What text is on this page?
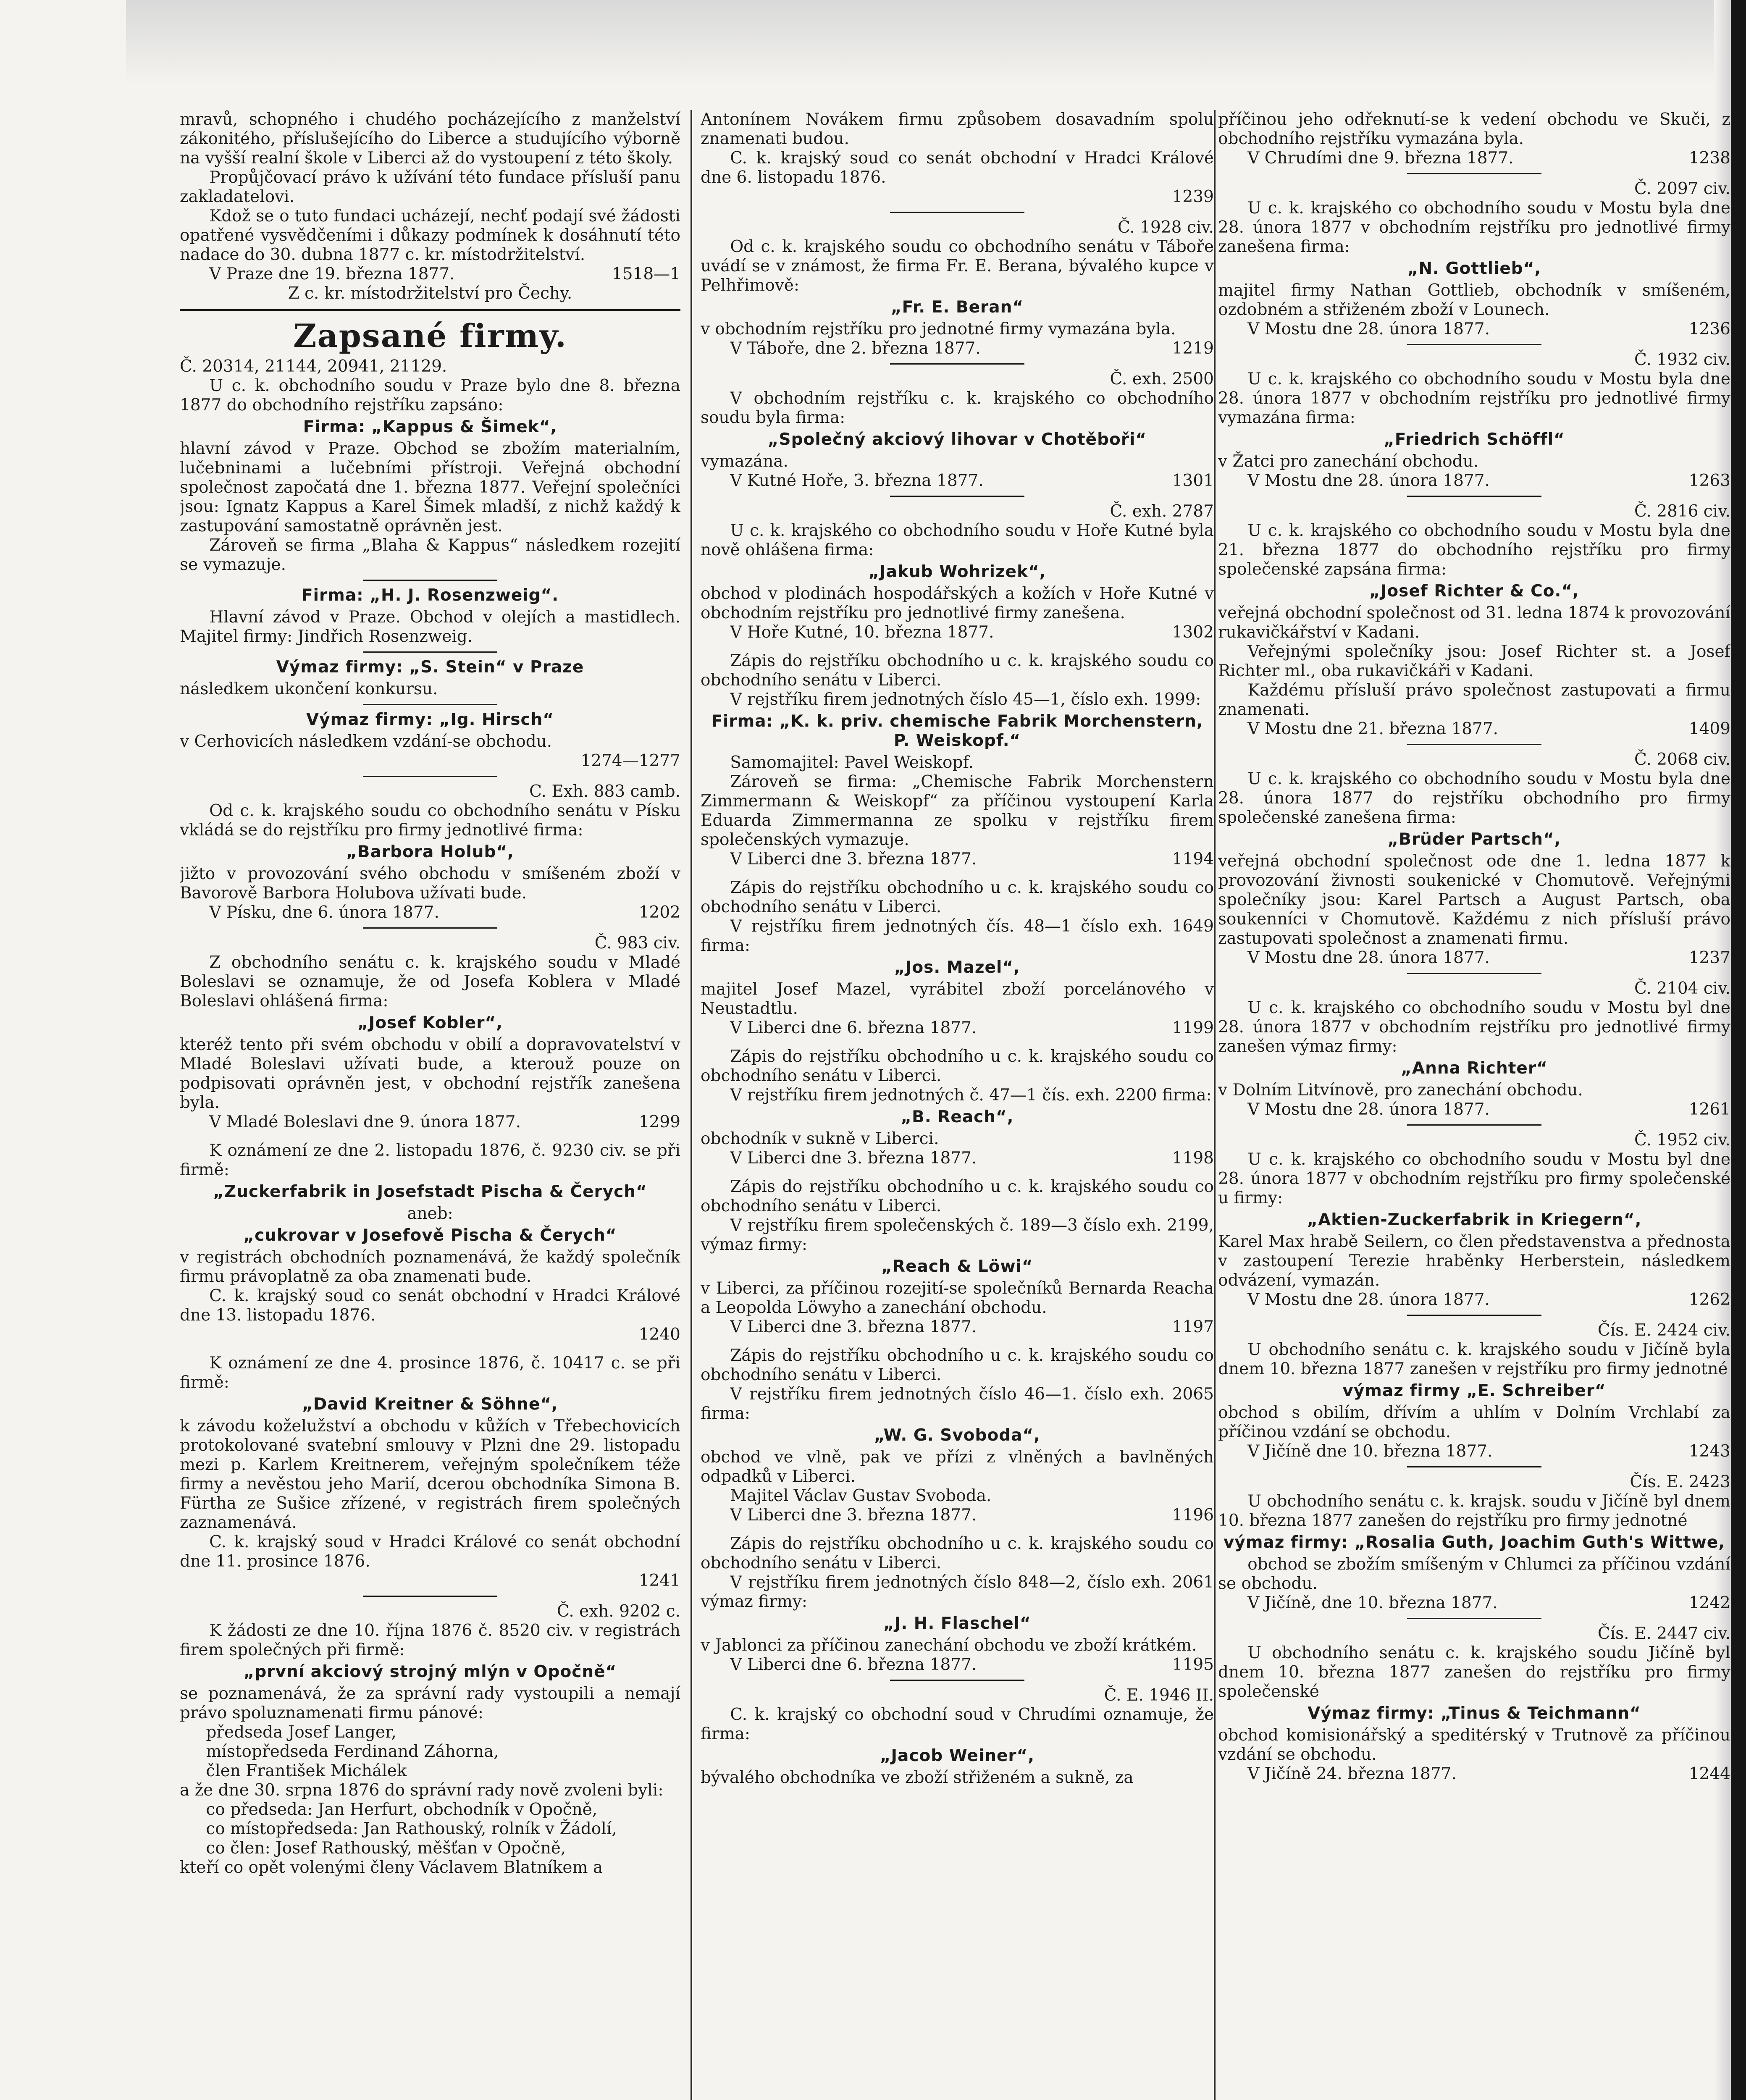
mravů, schopného i chudého pocházejícího z manželství zákonitého, příslušejícího do Liberce a studujícího výborně na vyšší realní škole v Liberci až do vystoupení z této školy.

Propůjčovací právo k užívání této fundace přísluší panu zakladatelovi.

Kdož se o tuto fundaci ucházejí, nechť podají své žádosti opatřené vysvědčeními i důkazy podmínek k dosáhnutí této nadace do 30. dubna 1877 c. kr. místodržitelství.

V Praze dne 19. března 1877.	1518—1

Z c. kr. místodržitelství pro Čechy.

Zapsané firmy.

Č. 20314, 21144, 20941, 21129.

U c. k. obchodního soudu v Praze bylo dne 8. března 1877 do obchodního rejstříku zapsáno:

Firma: „Kappus & Šimek“,

hlavní závod v Praze. Obchod se zbožím materialním, lučebninami a lučebními přístroji. Veřejná obchodní společnost započatá dne 1. března 1877. Veřejní společníci jsou: Ignatz Kappus a Karel Šimek mladší, z nichž každý k zastupování samostatně oprávněn jest.

Zároveň se firma „Blaha & Kappus“ následkem rozejití se vymazuje.

Firma: „H. J. Rosenzweig“.

Hlavní závod v Praze. Obchod v olejích a mastidlech. Majitel firmy: Jindřich Rosenzweig.

Výmaz firmy: „S. Stein“ v Praze

následkem ukončení konkursu.

Výmaz firmy: „Ig. Hirsch“

v Cerhovicích následkem vzdání-se obchodu.

1274—1277

C. Exh. 883 camb.

Od c. k. krajského soudu co obchodního senátu v Písku vkládá se do rejstříku pro firmy jednotlivé firma:

„Barbora Holub“,

jižto v provozování svého obchodu v smíšeném zboží v Bavorově Barbora Holubova užívati bude.

V Písku, dne 6. února 1877.	1202

Č. 983 civ.

Z obchodního senátu c. k. krajského soudu v Mladé Boleslavi se oznamuje, že od Josefa Koblera v Mladé Boleslavi ohlášená firma:

„Josef Kobler“,

kteréž tento při svém obchodu v obilí a dopravovatelství v Mladé Boleslavi užívati bude, a kterouž pouze on podpisovati oprávněn jest, v obchodní rejstřík zanešena byla.

V Mladé Boleslavi dne 9. února 1877.	1299

K oznámení ze dne 2. listopadu 1876, č. 9230 civ. se při firmě:

„Zuckerfabrik in Josefstadt Pischa & Čerych“

aneb:

„cukrovar v Josefově Pischa & Čerych“

v registrách obchodních poznamenává, že každý společník firmu právoplatně za oba znamenati bude.

C. k. krajský soud co senát obchodní v Hradci Králové dne 13. listopadu 1876.

1240

K oznámení ze dne 4. prosince 1876, č. 10417 c. se při firmě:

„David Kreitner & Söhne“,

k závodu koželužství a obchodu v kůžích v Třebechovicích protokolované svatební smlouvy v Plzni dne 29. listopadu mezi p. Karlem Kreitnerem, veřejným společníkem téže firmy a nevěstou jeho Marií, dcerou obchodníka Simona B. Fürtha ze Sušice zřízené, v registrách firem společných zaznamenává.

C. k. krajský soud v Hradci Králové co senát obchodní dne 11. prosince 1876.

1241

Č. exh. 9202 c.

K žádosti ze dne 10. října 1876 č. 8520 civ. v registrách firem společných při firmě:

„první akciový strojný mlýn v Opočně“

se poznamenává, že za správní rady vystoupili a nemají právo spoluznamenati firmu pánové:

předseda Josef Langer,

místopředseda Ferdinand Záhorna,

člen František Michálek

a že dne 30. srpna 1876 do správní rady nově zvoleni byli:

co předseda: Jan Herfurt, obchodník v Opočně,

co místopředseda: Jan Rathouský, rolník v Žádolí,

co člen: Josef Rathouský, měšťan v Opočně,

kteří co opět volenými členy Václavem Blatníkem a

Antonínem Novákem firmu způsobem dosavadním spolu znamenati budou.

C. k. krajský soud co senát obchodní v Hradci Králové dne 6. listopadu 1876.

1239

Č. 1928 civ.

Od c. k. krajského soudu co obchodního senátu v Táboře uvádí se v známost, že firma Fr. E. Berana, bývalého kupce v Pelhřimově:

„Fr. E. Beran“

v obchodním rejstříku pro jednotné firmy vymazána byla.

V Táboře, dne 2. března 1877.	1219

Č. exh. 2500

V obchodním rejstříku c. k. krajského co obchodního soudu byla firma:

„Společný akciový lihovar v Chotěboři“

vymazána.

V Kutné Hoře, 3. března 1877.	1301

Č. exh. 2787

U c. k. krajského co obchodního soudu v Hoře Kutné byla nově ohlášena firma:

„Jakub Wohrizek“,

obchod v plodinách hospodářských a kožích v Hoře Kutné v obchodním rejstříku pro jednotlivé firmy zanešena.

V Hoře Kutné, 10. března 1877.	1302

Zápis do rejstříku obchodního u c. k. krajského soudu co obchodního senátu v Liberci.

V rejstříku firem jednotných číslo 45—1, číslo exh. 1999:

Firma: „K. k. priv. chemische Fabrik Morchenstern, P. Weiskopf.“

Samomajitel: Pavel Weiskopf.

Zároveň se firma: „Chemische Fabrik Morchenstern Zimmermann & Weiskopf“ za příčinou vystoupení Karla Eduarda Zimmermanna ze spolku v rejstříku firem společenských vymazuje.

V Liberci dne 3. března 1877.	1194

Zápis do rejstříku obchodního u c. k. krajského soudu co obchodního senátu v Liberci.

V rejstříku firem jednotných čís. 48—1 číslo exh. 1649 firma:

„Jos. Mazel“,

majitel Josef Mazel, vyrábitel zboží porcelánového v Neustadtlu.

V Liberci dne 6. března 1877.	1199

Zápis do rejstříku obchodního u c. k. krajského soudu co obchodního senátu v Liberci.

V rejstříku firem jednotných č. 47—1 čís. exh. 2200 firma:

„B. Reach“,

obchodník v sukně v Liberci.

V Liberci dne 3. března 1877.	1198

Zápis do rejstříku obchodního u c. k. krajského soudu co obchodního senátu v Liberci.

V rejstříku firem společenských č. 189—3 číslo exh. 2199, výmaz firmy:

„Reach & Löwi“

v Liberci, za příčinou rozejití-se společníků Bernarda Reacha a Leopolda Löwyho a zanechání obchodu.

V Liberci dne 3. března 1877.	1197

Zápis do rejstříku obchodního u c. k. krajského soudu co obchodního senátu v Liberci.

V rejstříku firem jednotných číslo 46—1. číslo exh. 2065 firma:

„W. G. Svoboda“,

obchod ve vlně, pak ve přízi z vlněných a bavlněných odpadků v Liberci.

Majitel Václav Gustav Svoboda.

V Liberci dne 3. března 1877.	1196

Zápis do rejstříku obchodního u c. k. krajského soudu co obchodního senátu v Liberci.

V rejstříku firem jednotných číslo 848—2, číslo exh. 2061 výmaz firmy:

„J. H. Flaschel“

v Jablonci za příčinou zanechání obchodu ve zboží krátkém.

V Liberci dne 6. března 1877.	1195

Č. E. 1946 II.

C. k. krajský co obchodní soud v Chrudími oznamuje, že firma:

„Jacob Weiner“,

bývalého obchodníka ve zboží střiženém a sukně, za

příčinou jeho odřeknutí-se k vedení obchodu ve Skuči, z obchodního rejstříku vymazána byla.

V Chrudími dne 9. března 1877.	1238

Č. 2097 civ.

U c. k. krajského co obchodního soudu v Mostu byla dne 28. února 1877 v obchodním rejstříku pro jednotlivé firmy zanešena firma:

„N. Gottlieb“,

majitel firmy Nathan Gottlieb, obchodník v smíšeném, ozdobném a střiženém zboží v Lounech.

V Mostu dne 28. února 1877.	1236

Č. 1932 civ.

U c. k. krajského co obchodního soudu v Mostu byla dne 28. února 1877 v obchodním rejstříku pro jednotlivé firmy vymazána firma:

„Friedrich Schöffl“

v Žatci pro zanechání obchodu.

V Mostu dne 28. února 1877.	1263

Č. 2816 civ.

U c. k. krajského co obchodního soudu v Mostu byla dne 21. března 1877 do obchodního rejstříku pro firmy společenské zapsána firma:

„Josef Richter & Co.“,

veřejná obchodní společnost od 31. ledna 1874 k provozování rukavičkářství v Kadani.

Veřejnými společníky jsou: Josef Richter st. a Josef Richter ml., oba rukavičkáři v Kadani.

Každému přísluší právo společnost zastupovati a firmu znamenati.

V Mostu dne 21. března 1877.	1409

Č. 2068 civ.

U c. k. krajského co obchodního soudu v Mostu byla dne 28. února 1877 do rejstříku obchodního pro firmy společenské zanešena firma:

„Brüder Partsch“,

veřejná obchodní společnost ode dne 1. ledna 1877 k provozování živnosti soukenické v Chomutově. Veřejnými společníky jsou: Karel Partsch a August Partsch, oba soukenníci v Chomutově. Každému z nich přísluší právo zastupovati společnost a znamenati firmu.

V Mostu dne 28. února 1877.	1237

Č. 2104 civ.

U c. k. krajského co obchodního soudu v Mostu byl dne 28. února 1877 v obchodním rejstříku pro jednotlivé firmy zanešen výmaz firmy:

„Anna Richter“

v Dolním Litvínově, pro zanechání obchodu.

V Mostu dne 28. února 1877.	1261

Č. 1952 civ.

U c. k. krajského co obchodního soudu v Mostu byl dne 28. února 1877 v obchodním rejstříku pro firmy společenské u firmy:

„Aktien-Zuckerfabrik in Kriegern“,

Karel Max hrabě Seilern, co člen představenstva a přednosta v zastoupení Terezie hraběnky Herberstein, následkem odvázení, vymazán.

V Mostu dne 28. února 1877.	1262

Čís. E. 2424 civ.

U obchodního senátu c. k. krajského soudu v Jičíně byla dnem 10. března 1877 zanešen v rejstříku pro firmy jednotné

výmaz firmy „E. Schreiber“

obchod s obilím, dřívím a uhlím v Dolním Vrchlabí za příčinou vzdání se obchodu.

V Jičíně dne 10. března 1877.	1243

Čís. E. 2423

U obchodního senátu c. k. krajsk. soudu v Jičíně byl dnem 10. března 1877 zanešen do rejstříku pro firmy jednotné

výmaz firmy: „Rosalia Guth, Joachim Guth's Wittwe,

obchod se zbožím smíšeným v Chlumci za příčinou vzdání se obchodu.

V Jičíně, dne 10. března 1877.	1242

Čís. E. 2447 civ.

U obchodního senátu c. k. krajského soudu Jičíně byl dnem 10. března 1877 zanešen do rejstříku pro firmy společenské

Výmaz firmy: „Tinus & Teichmann“

obchod komisionářský a speditérský v Trutnově za příčinou vzdání se obchodu.

V Jičíně 24. března 1877.	1244
